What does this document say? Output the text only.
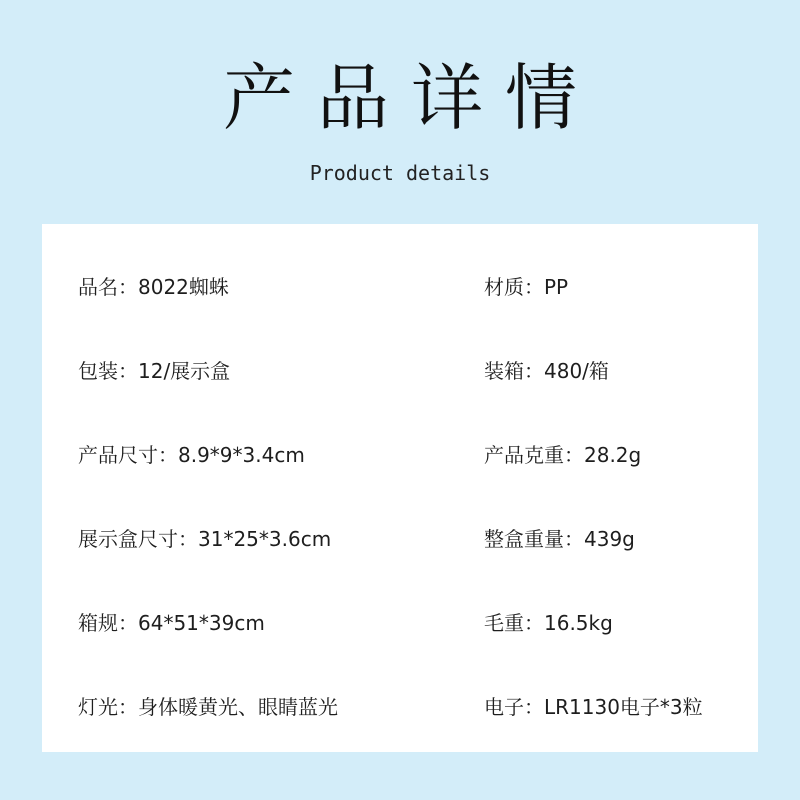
产品详情
Product details
品名：8022蜘蛛	材质：PP
包装：12/展示盒	装箱：480/箱
产品尺寸：8.9*9*3.4cm	产品克重：28.2g
展示盒尺寸：31*25*3.6cm	整盒重量：439g
箱规：64*51*39cm	毛重：16.5kg
灯光：身体暖黄光、眼睛蓝光	电子：LR1130电子*3粒
